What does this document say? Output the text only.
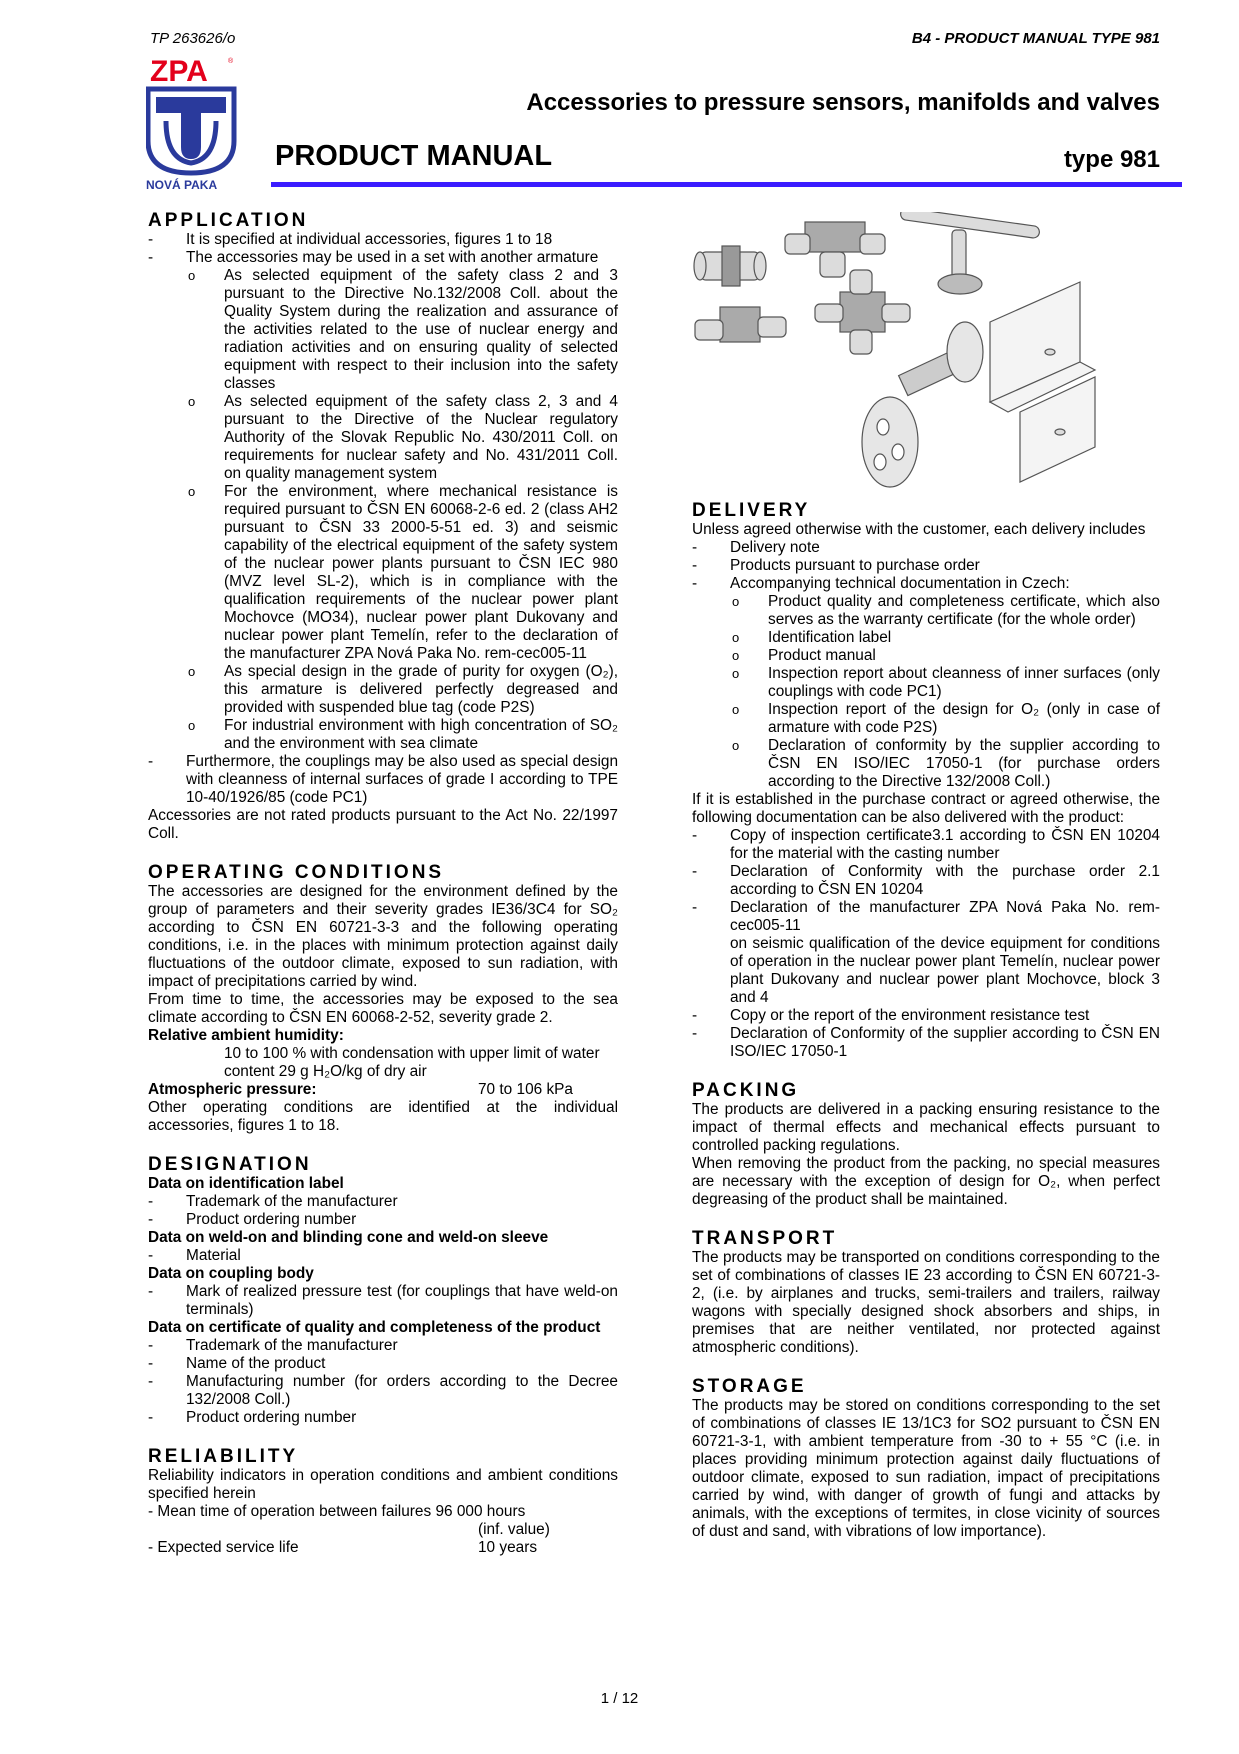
TP 263626/o	B4 - PRODUCT MANUAL TYPE 981
ZPA	®
NOVÁ PAKA
Accessories to pressure sensors, manifolds and valves
PRODUCT MANUAL	type 981
APPLICATION
- It is specified at individual accessories, figures 1 to 18
- The accessories may be used in a set with another armature
o As selected equipment of the safety class 2 and 3 pursuant to the Directive No.132/2008 Coll. about the Quality System during the realization and assurance of the activities related to the use of nuclear energy and radiation activities and on ensuring quality of selected equipment with respect to their inclusion into the safety classes
o As selected equipment of the safety class 2, 3 and 4 pursuant to the Directive of the Nuclear regulatory Authority of the Slovak Republic No. 430/2011 Coll. on requirements for nuclear safety and No. 431/2011 Coll. on quality management system
o For the environment, where mechanical resistance is required pursuant to ČSN EN 60068-2-6 ed. 2 (class AH2 pursuant to ČSN 33 2000-5-51 ed. 3) and seismic capability of the electrical equipment of the safety system of the nuclear power plants pursuant to ČSN IEC 980 (MVZ level SL-2), which is in compliance with the qualification requirements of the nuclear power plant Mochovce (MO34), nuclear power plant Dukovany and nuclear power plant Temelín, refer to the declaration of the manufacturer ZPA Nová Paka No. rem-cec005-11
o As special design in the grade of purity for oxygen (O₂), this armature is delivered perfectly degreased and provided with suspended blue tag (code P2S)
o For industrial environment with high concentration of SO₂ and the environment with sea climate
- Furthermore, the couplings may be also used as special design with cleanness of internal surfaces of grade I according to TPE 10-40/1926/85 (code PC1)

Accessories are not rated products pursuant to the Act No. 22/1997 Coll.

OPERATING CONDITIONS

The accessories are designed for the environment defined by the group of parameters and their severity grades IE36/3C4 for SO₂ according to ČSN EN 60721-3-3 and the following operating conditions, i.e. in the places with minimum protection against daily fluctuations of the outdoor climate, exposed to sun radiation, with impact of precipitations carried by wind.

From time to time, the accessories may be exposed to the sea climate according to ČSN EN 60068-2-52, severity grade 2.

Relative ambient humidity:
10 to 100 % with condensation with upper limit of water content 29 g H₂O/kg of dry air
Atmospheric pressure:	70 to 106 kPa

Other operating conditions are identified at the individual accessories, figures 1 to 18.

DESIGNATION
Data on identification label
- Trademark of the manufacturer
- Product ordering number
Data on weld-on and blinding cone and weld-on sleeve
- Material
Data on coupling body
- Mark of realized pressure test (for couplings that have weld-on terminals)
Data on certificate of quality and completeness of the product
- Trademark of the manufacturer
- Name of the product
- Manufacturing number (for orders according to the Decree 132/2008 Coll.)
- Product ordering number
RELIABILITY

Reliability indicators in operation conditions and ambient conditions specified herein

- Mean time of operation between failures 96 000 hours
(inf. value)
- Expected service life	10 years
DELIVERY

Unless agreed otherwise with the customer, each delivery includes

- Delivery note
- Products pursuant to purchase order
- Accompanying technical documentation in Czech:
o Product quality and completeness certificate, which also serves as the warranty certificate (for the whole order)
o Identification label
o Product manual
o Inspection report about cleanness of inner surfaces (only couplings with code PC1)
o Inspection report of the design for O₂ (only in case of armature with code P2S)
o Declaration of conformity by the supplier according to ČSN EN ISO/IEC 17050-1 (for purchase orders according to the Directive 132/2008 Coll.)

If it is established in the purchase contract or agreed otherwise, the following documentation can be also delivered with the product:

- Copy of inspection certificate3.1 according to ČSN EN 10204 for the material with the casting number
- Declaration of Conformity with the purchase order 2.1 according to ČSN EN 10204
- Declaration of the manufacturer ZPA Nová Paka No. rem-cec005-11
on seismic qualification of the device equipment for conditions of operation in the nuclear power plant Temelín, nuclear power plant Dukovany and nuclear power plant Mochovce, block 3 and 4
- Copy or the report of the environment resistance test
- Declaration of Conformity of the supplier according to ČSN EN ISO/IEC 17050-1
PACKING

The products are delivered in a packing ensuring resistance to the impact of thermal effects and mechanical effects pursuant to controlled packing regulations.

When removing the product from the packing, no special measures are necessary with the exception of design for O₂, when perfect degreasing of the product shall be maintained.

TRANSPORT

The products may be transported on conditions corresponding to the set of combinations of classes IE 23 according to ČSN EN 60721-3-2, (i.e. by airplanes and trucks, semi-trailers and trailers, railway wagons with specially designed shock absorbers and ships, in premises that are neither ventilated, nor protected against atmospheric conditions).

STORAGE

The products may be stored on conditions corresponding to the set of combinations of classes IE 13/1C3 for SO2 pursuant to ČSN EN 60721-3-1, with ambient temperature from -30 to + 55 °C (i.e. in places providing minimum protection against daily fluctuations of outdoor climate, exposed to sun radiation, impact of precipitations carried by wind, with danger of growth of fungi and attacks by animals, with the exceptions of termites, in close vicinity of sources of dust and sand, with vibrations of low importance).

1 / 12
